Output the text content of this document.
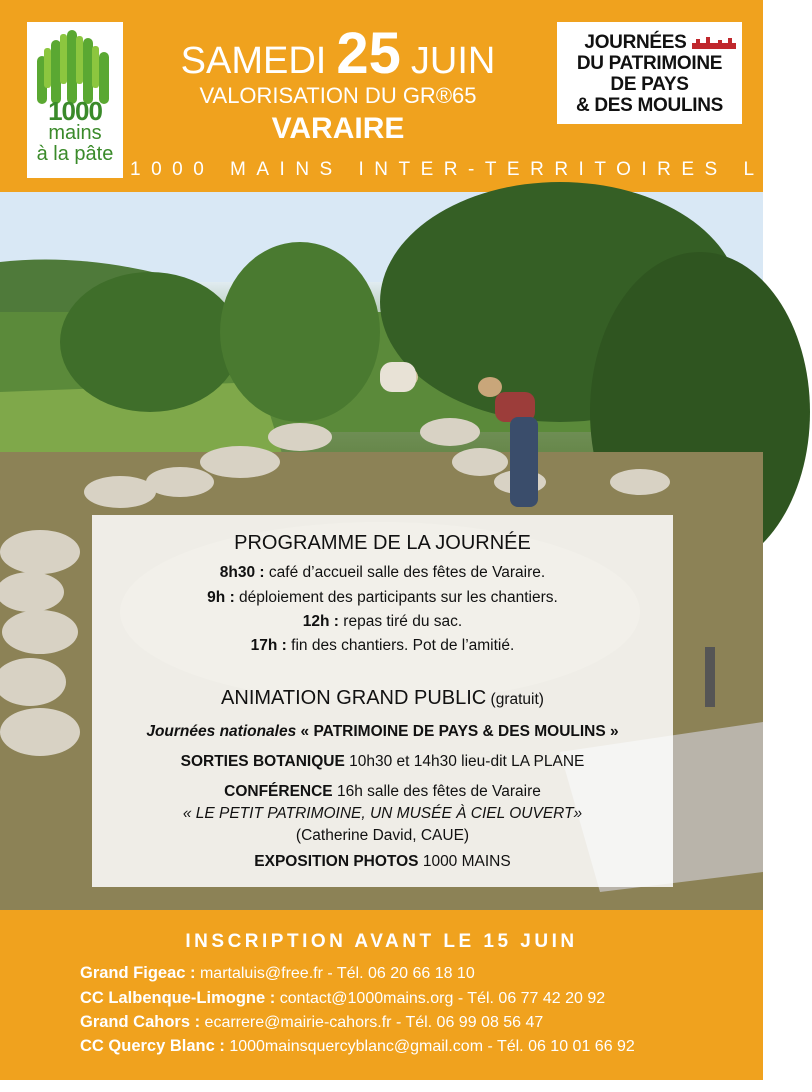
1000
mains
à la pâte
SAMEDI 25 JUIN
VALORISATION DU GR®65
VARAIRE
JOURNÉES
DU PATRIMOINE
DE PAYS
& DES MOULINS
1000 MAINS INTER-TERRITOIRES LOT
PROGRAMME DE LA JOURNÉE
8h30 : café d’accueil salle des fêtes de Varaire.
9h : déploiement des participants sur les chantiers.
12h : repas tiré du sac.
17h : fin des chantiers. Pot de l’amitié.
ANIMATION GRAND PUBLIC (gratuit)
Journées nationales « PATRIMOINE DE PAYS & DES MOULINS »
SORTIES BOTANIQUE 10h30 et 14h30 lieu-dit LA PLANE
CONFÉRENCE 16h salle des fêtes de Varaire
« LE PETIT PATRIMOINE, UN MUSÉE À CIEL OUVERT»
(Catherine David, CAUE)
EXPOSITION PHOTOS 1000 MAINS
INSCRIPTION AVANT LE 15 JUIN
Grand Figeac : martaluis@free.fr - Tél. 06 20 66 18 10
CC Lalbenque-Limogne : contact@1000mains.org - Tél. 06 77 42 20 92
Grand Cahors : ecarrere@mairie-cahors.fr - Tél. 06 99 08 56 47
CC Quercy Blanc : 1000mainsquercyblanc@gmail.com - Tél. 06 10 01 66 92
